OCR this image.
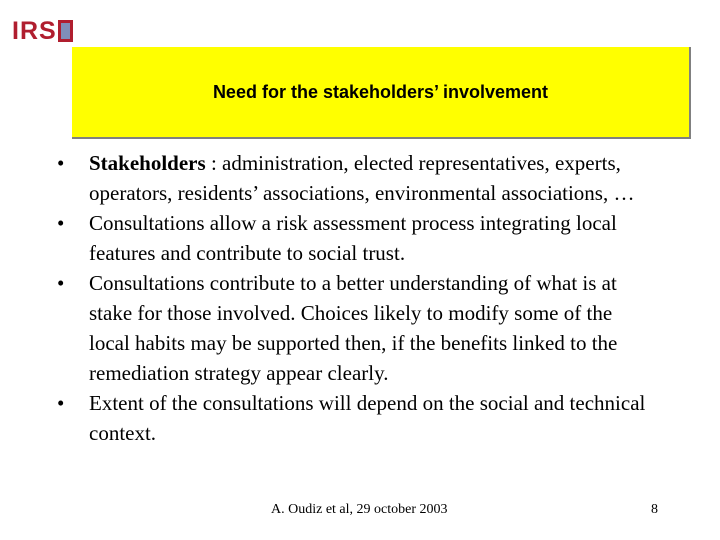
IRS
Need for the stakeholders’ involvement
• Stakeholders : administration, elected representatives, experts, operators, residents’ associations, environmental associations, …
• Consultations allow a risk assessment process integrating local features and contribute to social trust.
• Consultations contribute to a better understanding of what is at stake for those involved. Choices likely to modify some of the local habits may be supported then, if the benefits linked to the remediation strategy appear clearly.
• Extent of the consultations will depend on the social and technical context.
A. Oudiz et al, 29 october 2003	8
